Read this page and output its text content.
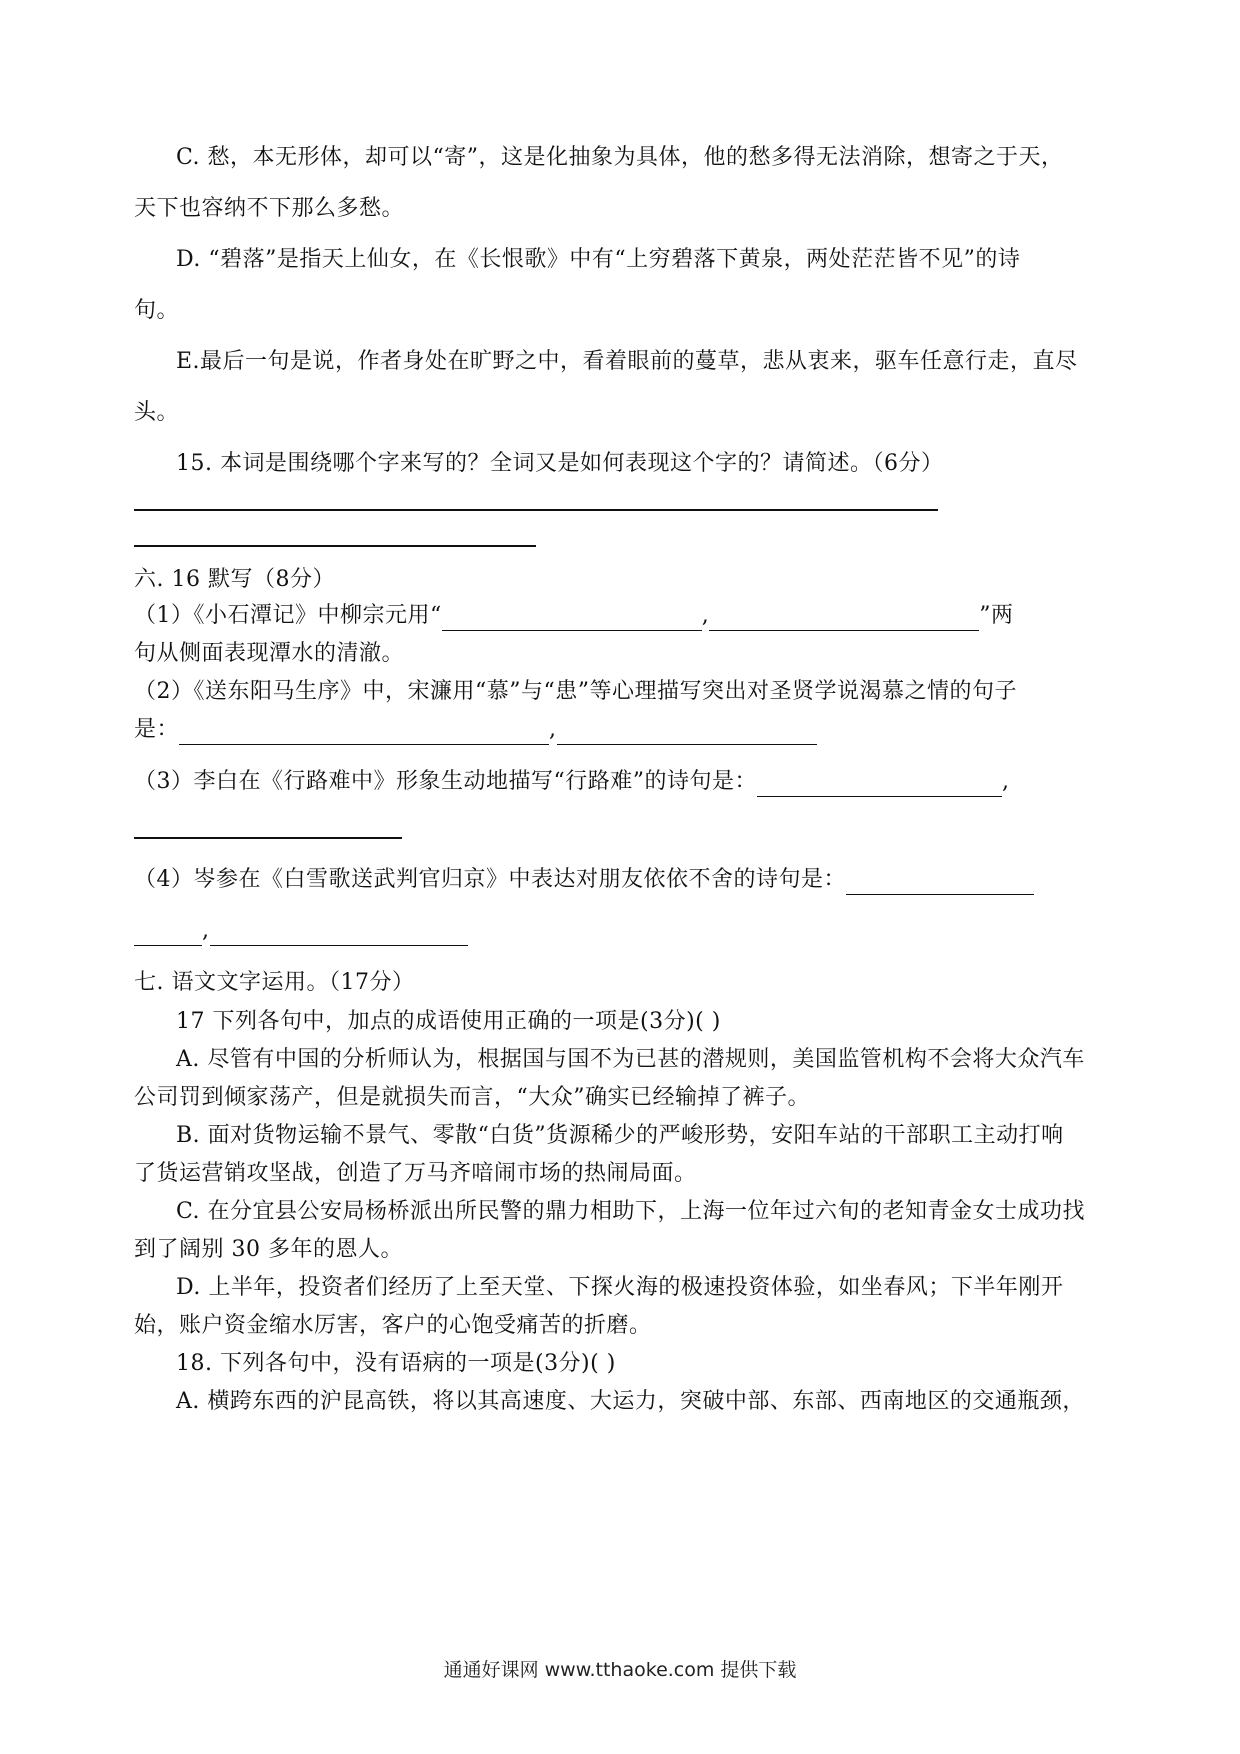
C. 愁，本无形体，却可以“寄”，这是化抽象为具体，他的愁多得无法消除，想寄之于天，
天下也容纳不下那么多愁。
D. “碧落”是指天上仙女，在《长恨歌》中有“上穷碧落下黄泉，两处茫茫皆不见”的诗
句。
E.最后一句是说，作者身处在旷野之中，看着眼前的蔓草，悲从衷来，驱车任意行走，直尽
头。
15. 本词是围绕哪个字来写的？全词又是如何表现这个字的？请简述。（6分）
六. 16 默写（8分）
（1）《小石潭记》中柳宗元用“	,	”两
句从侧面表现潭水的清澈。
（2）《送东阳马生序》中，宋濂用“慕”与“患”等心理描写突出对圣贤学说渴慕之情的句子
是：	,
（3）李白在《行路难中》形象生动地描写“行路难”的诗句是：	,
（4）岑参在《白雪歌送武判官归京》中表达对朋友依依不舍的诗句是：
,
七. 语文文字运用。（17分）
17 下列各句中，加点的成语使用正确的一项是(3分)( )
A. 尽管有中国的分析师认为，根据国与国不为已甚的潜规则，美国监管机构不会将大众汽车
公司罚到倾家荡产，但是就损失而言，“大众”确实已经输掉了裤子。
B. 面对货物运输不景气、零散“白货”货源稀少的严峻形势，安阳车站的干部职工主动打响
了货运营销攻坚战，创造了万马齐喑闹市场的热闹局面。
C. 在分宜县公安局杨桥派出所民警的鼎力相助下，上海一位年过六旬的老知青金女士成功找
到了阔别 30 多年的恩人。
D. 上半年，投资者们经历了上至天堂、下探火海的极速投资体验，如坐春风；下半年刚开
始，账户资金缩水厉害，客户的心饱受痛苦的折磨。
18. 下列各句中，没有语病的一项是(3分)( )
A. 横跨东西的沪昆高铁，将以其高速度、大运力，突破中部、东部、西南地区的交通瓶颈，
通通好课网 www.tthaoke.com 提供下载
